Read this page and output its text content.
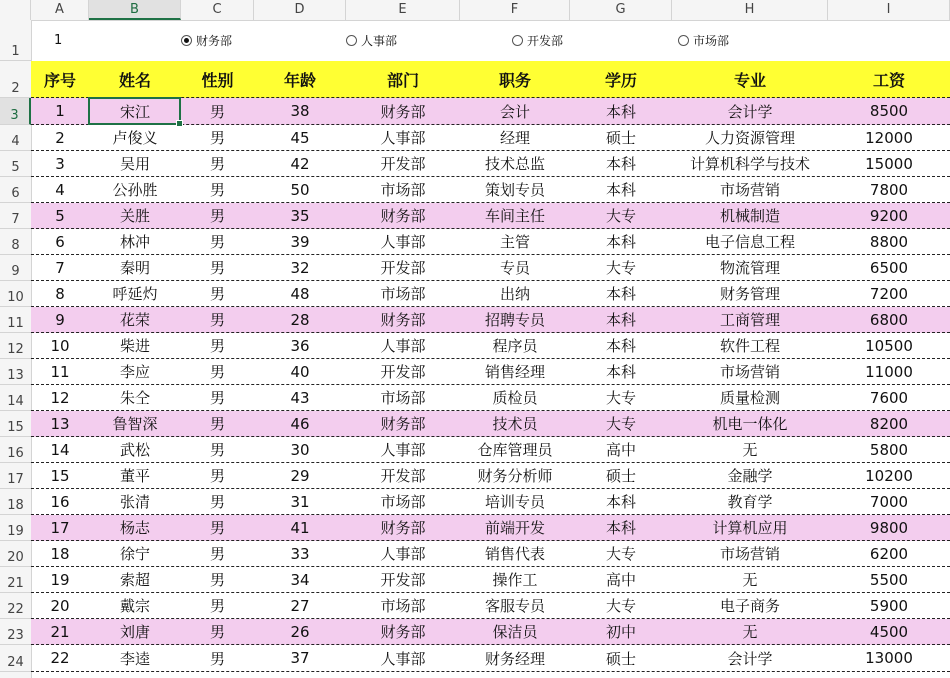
A	B	C	D	E	F	G	H	I
1
2
3
4
5
6
7
8
9
10
11
12
13
14
15
16
17
18
19
20
21
22
23
24
1	财务部	人事部	开发部	市场部
序号	姓名	性别	年龄	部门	职务	学历	专业	工资
1	宋江	男	38	财务部	会计	本科	会计学	8500
2	卢俊义	男	45	人事部	经理	硕士	人力资源管理	12000
3	吴用	男	42	开发部	技术总监	本科	计算机科学与技术	15000
4	公孙胜	男	50	市场部	策划专员	本科	市场营销	7800
5	关胜	男	35	财务部	车间主任	大专	机械制造	9200
6	林冲	男	39	人事部	主管	本科	电子信息工程	8800
7	秦明	男	32	开发部	专员	大专	物流管理	6500
8	呼延灼	男	48	市场部	出纳	本科	财务管理	7200
9	花荣	男	28	财务部	招聘专员	本科	工商管理	6800
10	柴进	男	36	人事部	程序员	本科	软件工程	10500
11	李应	男	40	开发部	销售经理	本科	市场营销	11000
12	朱仝	男	43	市场部	质检员	大专	质量检测	7600
13	鲁智深	男	46	财务部	技术员	大专	机电一体化	8200
14	武松	男	30	人事部	仓库管理员	高中	无	5800
15	董平	男	29	开发部	财务分析师	硕士	金融学	10200
16	张清	男	31	市场部	培训专员	本科	教育学	7000
17	杨志	男	41	财务部	前端开发	本科	计算机应用	9800
18	徐宁	男	33	人事部	销售代表	大专	市场营销	6200
19	索超	男	34	开发部	操作工	高中	无	5500
20	戴宗	男	27	市场部	客服专员	大专	电子商务	5900
21	刘唐	男	26	财务部	保洁员	初中	无	4500
22	李逵	男	37	人事部	财务经理	硕士	会计学	13000
